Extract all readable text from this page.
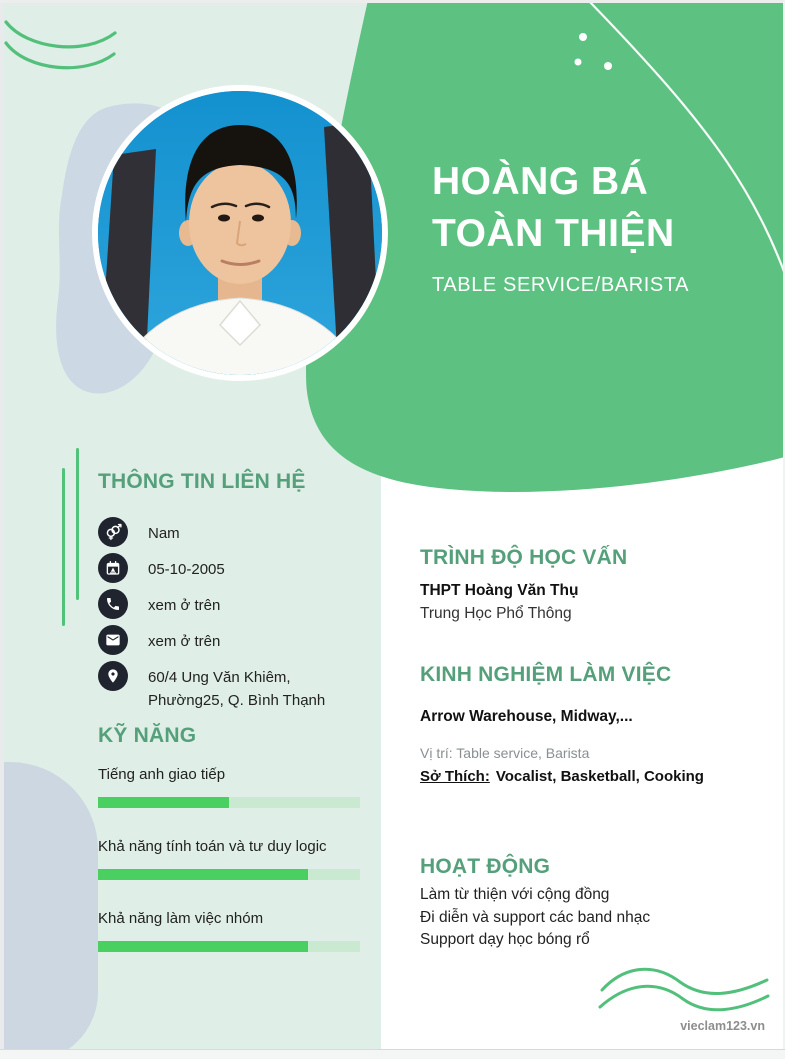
HOÀNG BÁ
TOÀN THIỆN
TABLE SERVICE/BARISTA
THÔNG TIN LIÊN HỆ
Nam
05-10-2005
xem ở trên
xem ở trên
60/4 Ung Văn Khiêm, Phường25, Q. Bình Thạnh
KỸ NĂNG
Tiếng anh giao tiếp
Khả năng tính toán và tư duy logic
Khả năng làm việc nhóm
TRÌNH ĐỘ HỌC VẤN
THPT Hoàng Văn Thụ
Trung Học Phổ Thông
KINH NGHIỆM LÀM VIỆC
Arrow Warehouse, Midway,...
Vị trí: Table service, Barista
Sở Thích: Vocalist, Basketball, Cooking
HOẠT ĐỘNG
Làm từ thiện với cộng đồng
Đi diễn và support các band nhạc
Support dạy học bóng rổ
vieclam123.vn
